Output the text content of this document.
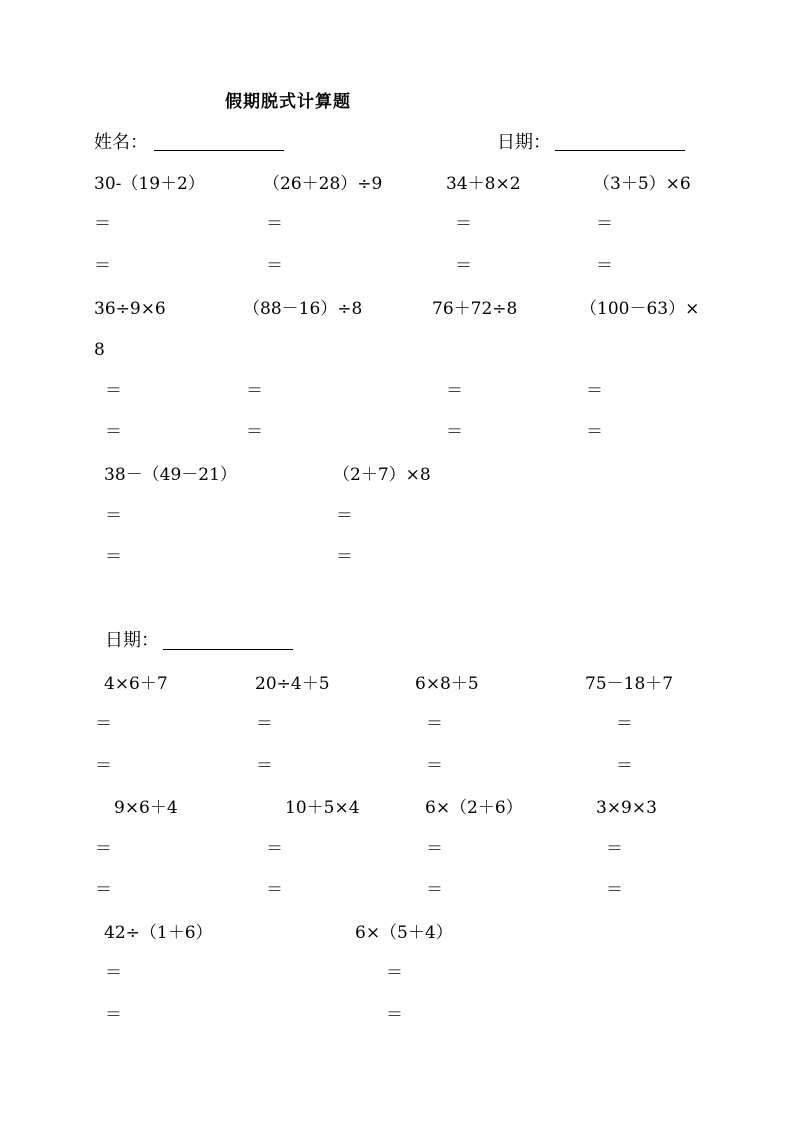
假期脱式计算题
姓名：	日期：
30-（19＋2）	（26＋28）÷9	34＋8×2	（3＋5）×6
＝	＝	＝	＝
＝	＝	＝	＝
36÷9×6	（88－16）÷8	76＋72÷8	（100－63）×
8
＝	＝	＝	＝
＝	＝	＝	＝
38－（49－21）	（2＋7）×8
＝	＝
＝	＝
日期：
4×6＋7	20÷4＋5	6×8＋5	75－18＋7
＝	＝	＝	＝
＝	＝	＝	＝
9×6＋4	10＋5×4	6×（2＋6）	3×9×3
＝	＝	＝	＝
＝	＝	＝	＝
42÷（1＋6）	6×（5＋4）
＝	＝
＝	＝
